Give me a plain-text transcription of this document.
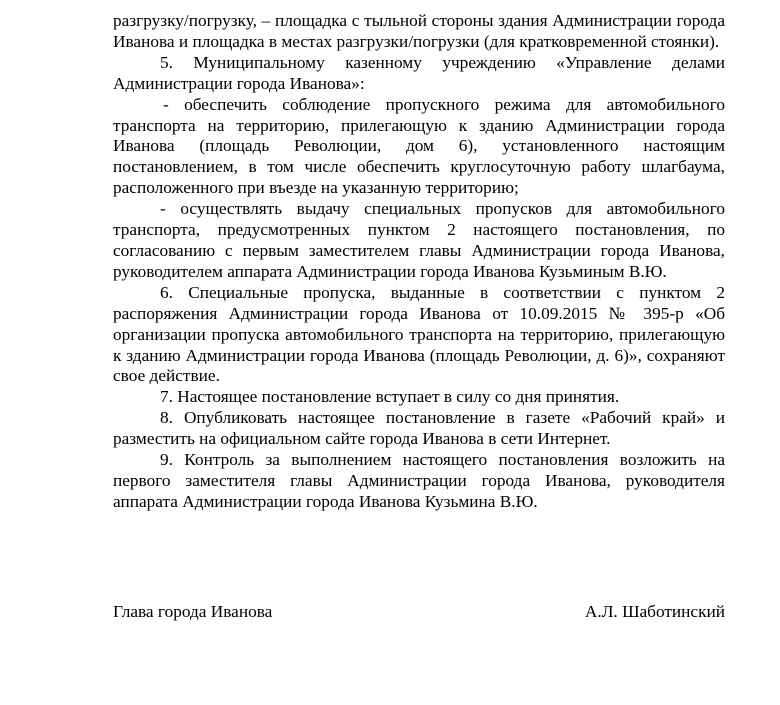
разгрузку/погрузку, – площадка с тыльной стороны здания Администрации города Иванова и площадка в местах разгрузки/погрузки (для кратковременной стоянки).

5. Муниципальному казенному учреждению «Управление делами Администрации города Иванова»:

- обеспечить соблюдение пропускного режима для автомобильного транспорта на территорию, прилегающую к зданию Администрации города Иванова (площадь Революции, дом 6), установленного настоящим постановлением, в том числе обеспечить круглосуточную работу шлагбаума, расположенного при въезде на указанную территорию;

- осуществлять выдачу специальных пропусков для автомобильного транспорта, предусмотренных пунктом 2 настоящего постановления, по согласованию с первым заместителем главы Администрации города Иванова, руководителем аппарата Администрации города Иванова Кузьминым В.Ю.

6. Специальные пропуска, выданные в соответствии с пунктом 2 распоряжения Администрации города Иванова от 10.09.2015 № 395-р «Об организации пропуска автомобильного транспорта на территорию, прилегающую к зданию Администрации города Иванова (площадь Революции, д. 6)», сохраняют свое действие.

7. Настоящее постановление вступает в силу со дня принятия.

8. Опубликовать настоящее постановление в газете «Рабочий край» и разместить на официальном сайте города Иванова в сети Интернет.

9. Контроль за выполнением настоящего постановления возложить на первого заместителя главы Администрации города Иванова, руководителя аппарата Администрации города Иванова Кузьмина В.Ю.

Глава города Иванова	А.Л. Шаботинский
